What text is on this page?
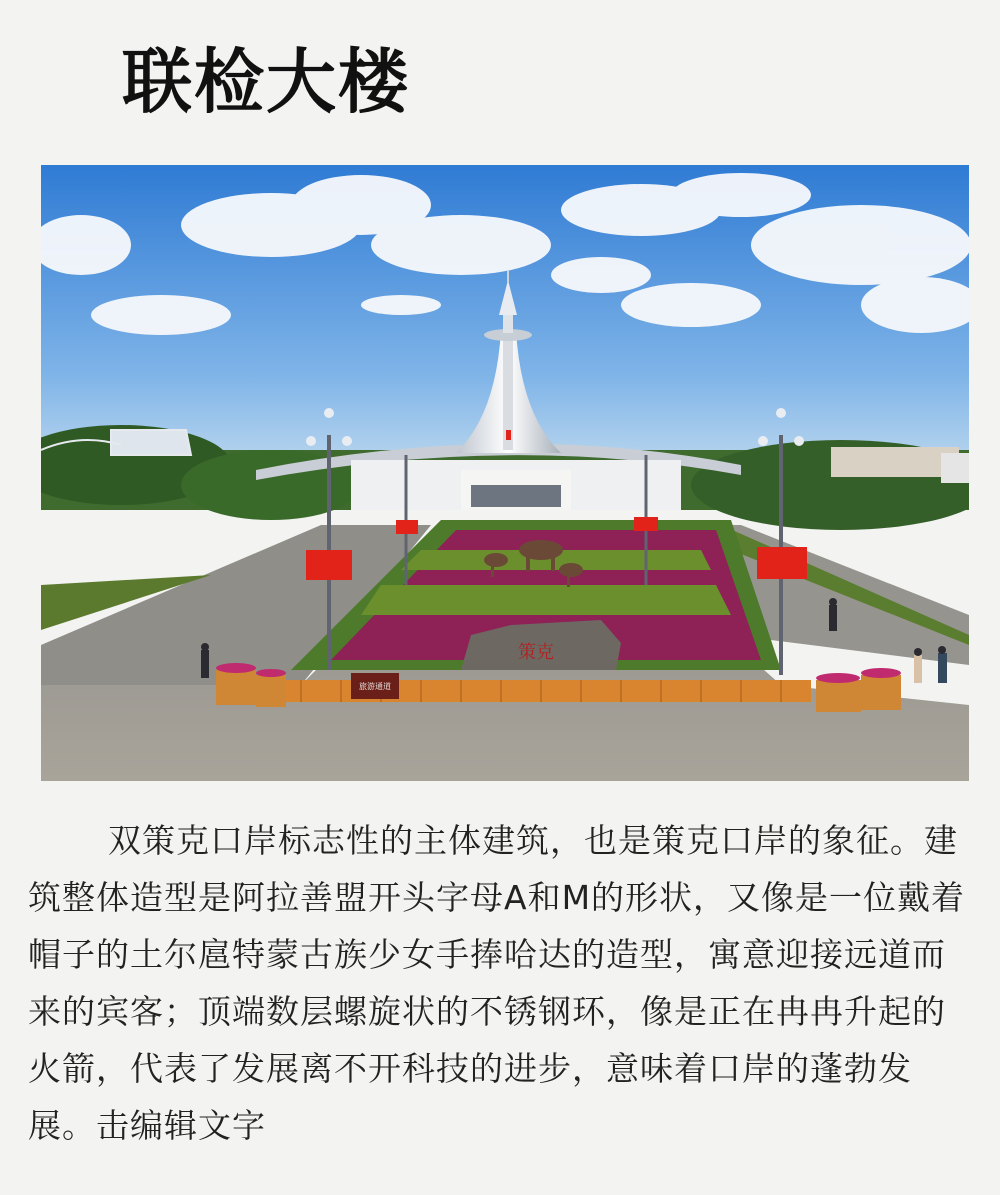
联检大楼
策克
旅游通道

双策克口岸标志性的主体建筑，也是策克口岸的象征。建筑整体造型是阿拉善盟开头字母A和M的形状，又像是一位戴着帽子的土尔扈特蒙古族少女手捧哈达的造型，寓意迎接远道而来的宾客；顶端数层螺旋状的不锈钢环，像是正在冉冉升起的火箭，代表了发展离不开科技的进步，意味着口岸的蓬勃发展。击编辑文字
